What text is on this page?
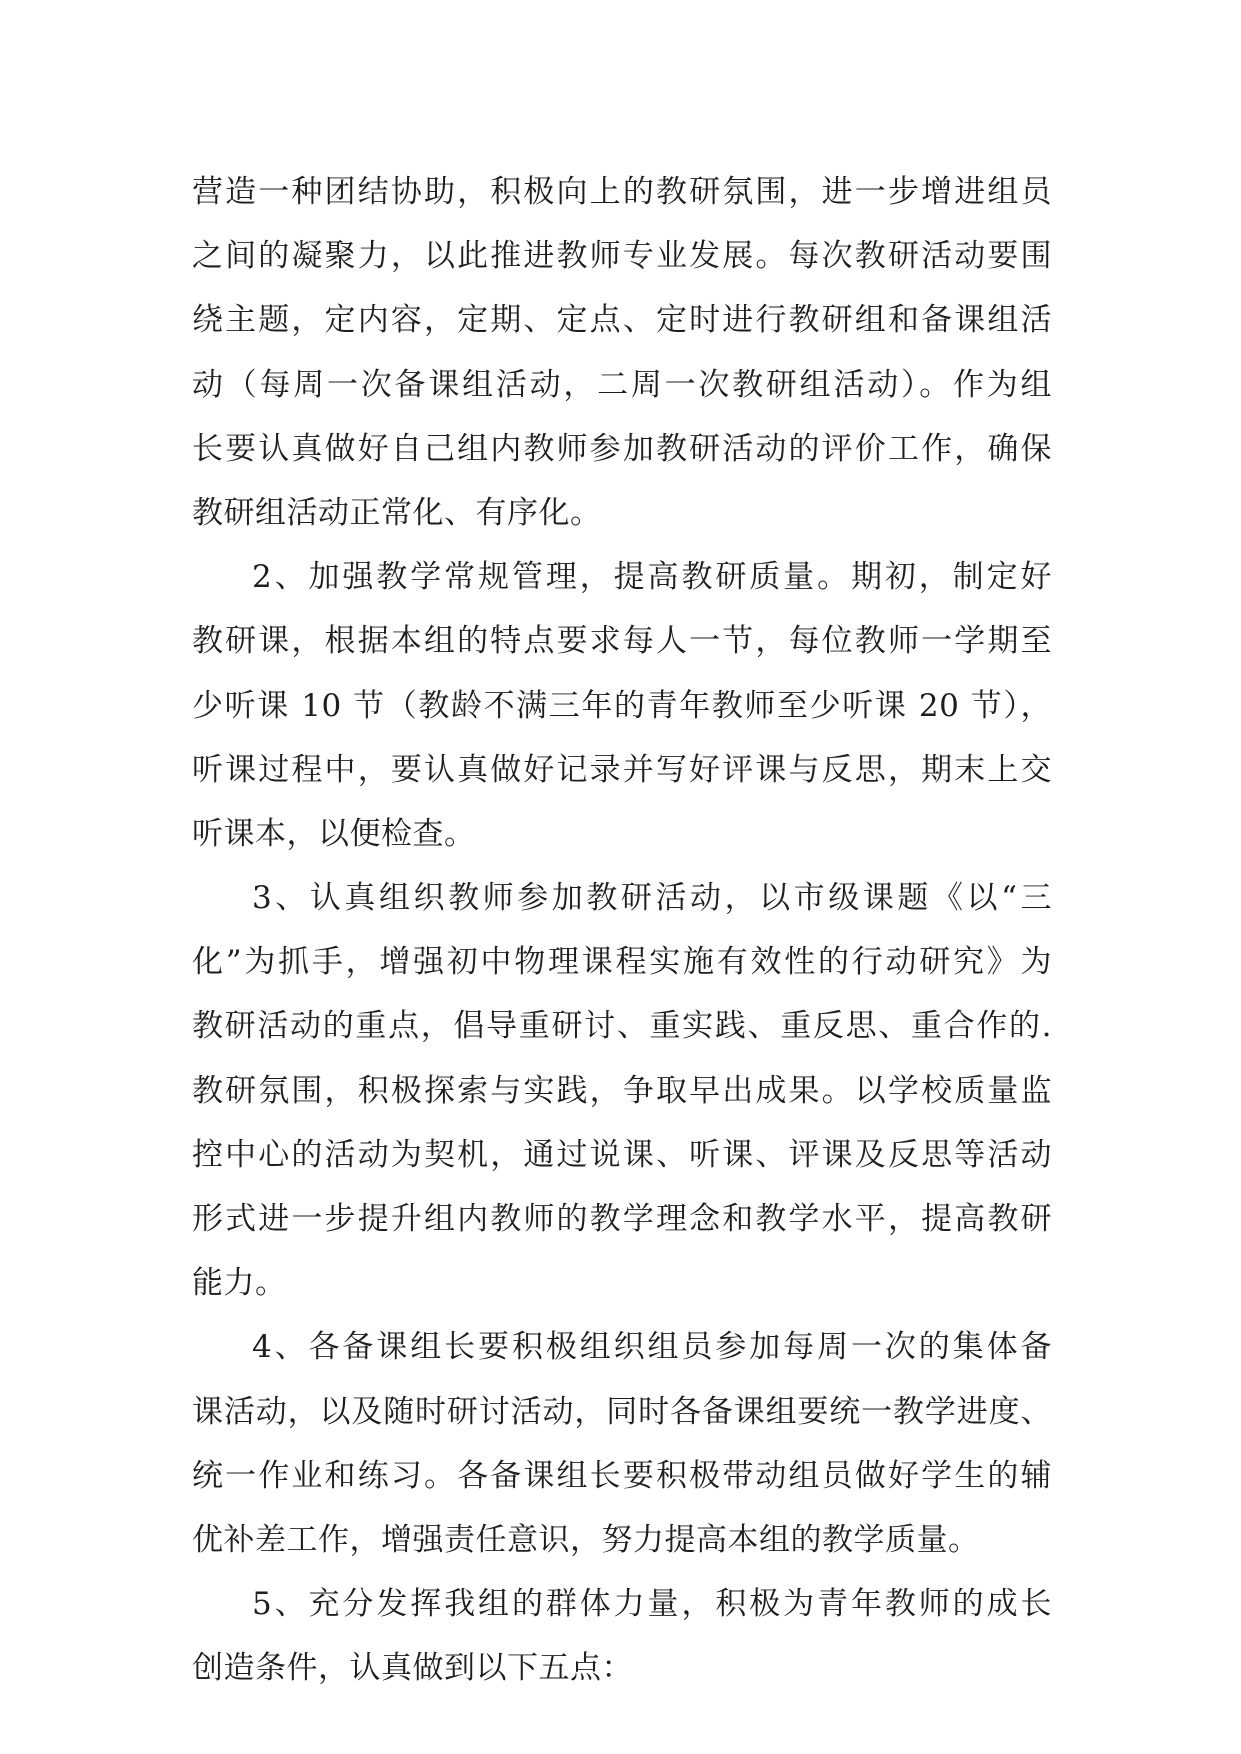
营造一种团结协助，积极向上的教研氛围，进一步增进组员
之间的凝聚力，以此推进教师专业发展。每次教研活动要围
绕主题，定内容，定期、定点、定时进行教研组和备课组活
动（每周一次备课组活动，二周一次教研组活动）。作为组
长要认真做好自己组内教师参加教研活动的评价工作，确保
教研组活动正常化、有序化。
2、加强教学常规管理，提高教研质量。期初，制定好
教研课，根据本组的特点要求每人一节，每位教师一学期至
少听课 10 节（教龄不满三年的青年教师至少听课 20 节），
听课过程中，要认真做好记录并写好评课与反思，期末上交
听课本，以便检查。
3、认真组织教师参加教研活动，以市级课题《以“三
化”为抓手，增强初中物理课程实施有效性的行动研究》为
教研活动的重点，倡导重研讨、重实践、重反思、重合作的.
教研氛围，积极探索与实践，争取早出成果。以学校质量监
控中心的活动为契机，通过说课、听课、评课及反思等活动
形式进一步提升组内教师的教学理念和教学水平，提高教研
能力。
4、各备课组长要积极组织组员参加每周一次的集体备
课活动，以及随时研讨活动，同时各备课组要统一教学进度、
统一作业和练习。各备课组长要积极带动组员做好学生的辅
优补差工作，增强责任意识，努力提高本组的教学质量。
5、充分发挥我组的群体力量，积极为青年教师的成长
创造条件，认真做到以下五点：
